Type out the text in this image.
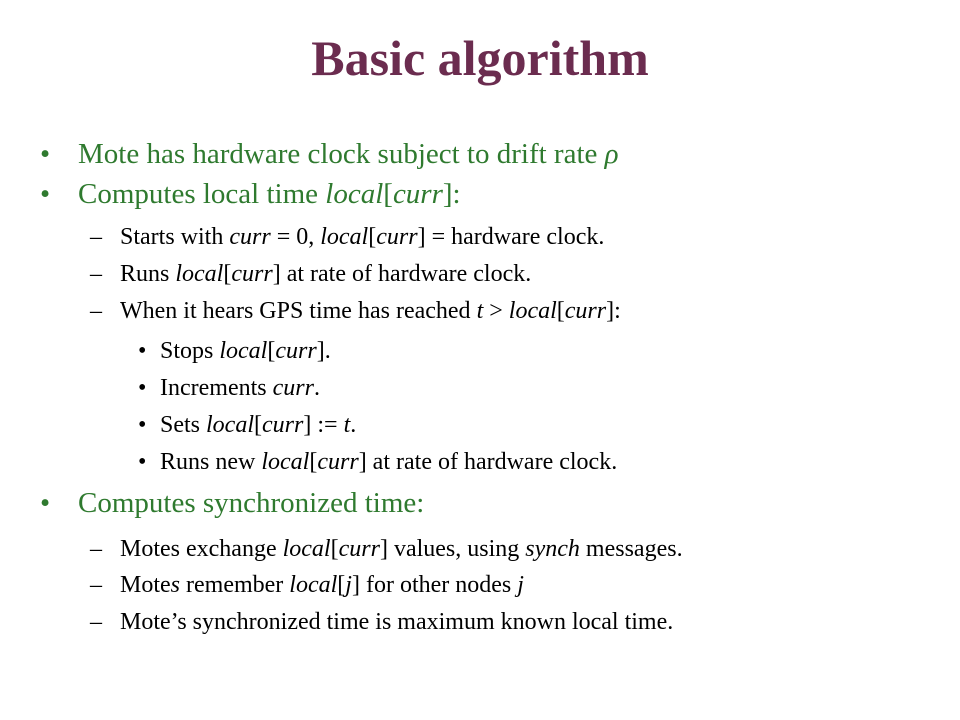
Basic algorithm
• Mote has hardware clock subject to drift rate ρ
• Computes local time local[curr]:
– Starts with curr = 0, local[curr] = hardware clock.
– Runs local[curr] at rate of hardware clock.
– When it hears GPS time has reached t > local[curr]:
• Stops local[curr].
• Increments curr.
• Sets local[curr] := t.
• Runs new local[curr] at rate of hardware clock.
• Computes synchronized time:
– Motes exchange local[curr] values, using synch messages.
– Motes remember local[j] for other nodes j
– Mote’s synchronized time is maximum known local time.
